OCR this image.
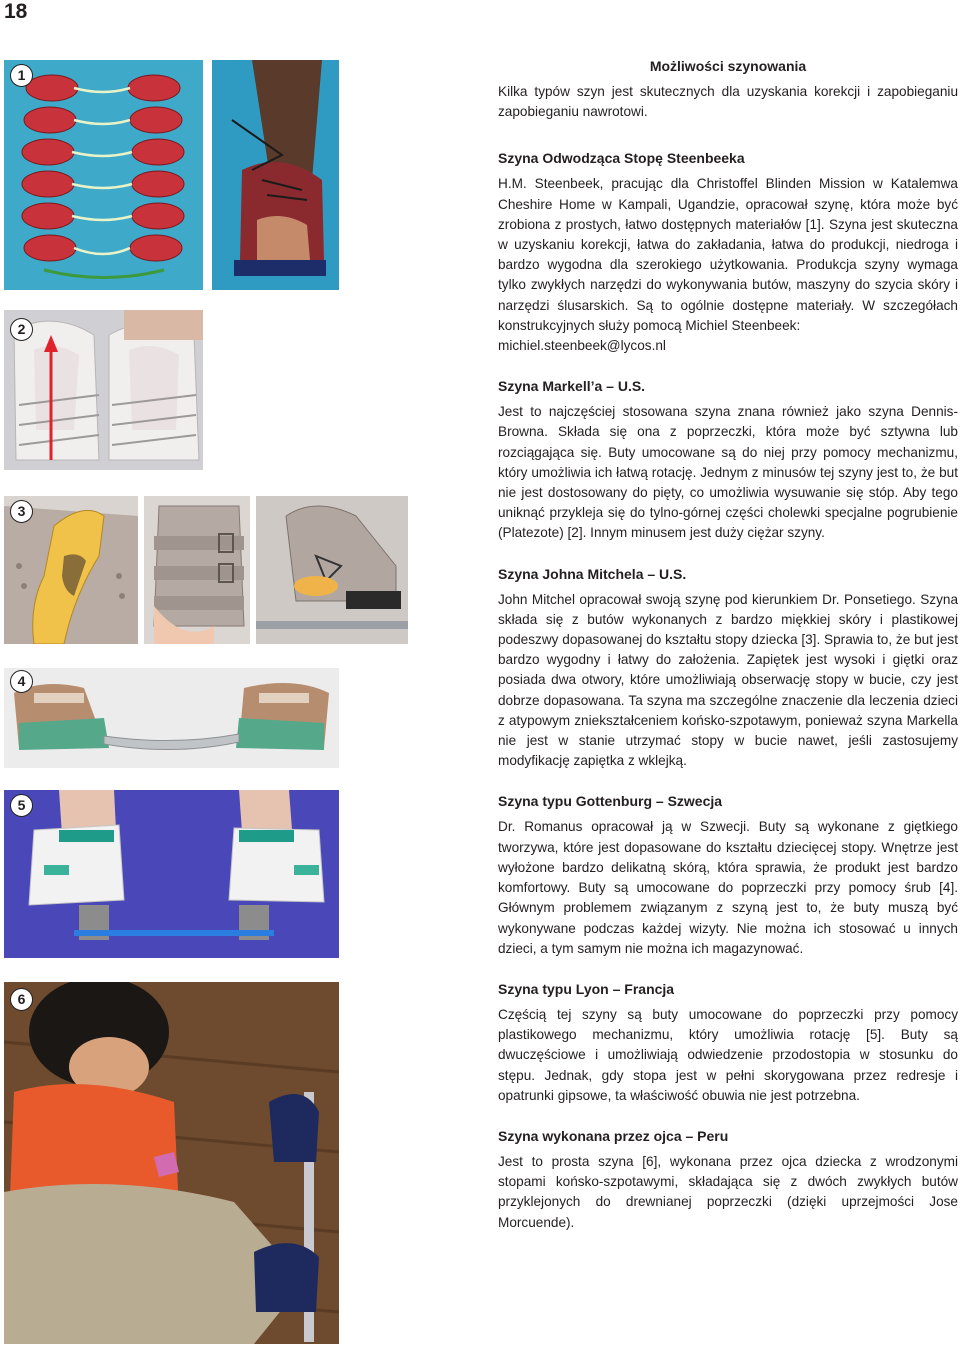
18
1
2
3
4
5
6
Możliwości szynowania

Kilka typów szyn jest skutecznych dla uzyskania korekcji i zapobieganiu zapobieganiu nawrotowi.

Szyna Odwodząca Stopę Steenbeeka

H.M. Steenbeek, pracując dla Christoffel Blinden Mission w Katalemwa Cheshire Home w Kampali, Ugandzie, opracował szynę, która może być zrobiona z prostych, łatwo dostępnych materiałów [1]. Szyna jest skuteczna w uzyskaniu korekcji, łatwa do zakładania, łatwa do produkcji, niedroga i bardzo wygodna dla szerokiego użytkowania. Produkcja szyny wymaga tylko zwykłych narzędzi do wykonywania butów, maszyny do szycia skóry i narzędzi ślusarskich. Są to ogólnie dostępne materiały. W szczegółach konstrukcyjnych służy pomocą Michiel Steenbeek:

michiel.steenbeek@lycos.nl

Szyna Markell’a – U.S.

Jest to najczęściej stosowana szyna znana również jako szyna Dennis-Browna. Składa się ona z poprzeczki, która może być sztywna lub rozciągająca się. Buty umocowane są do niej przy pomocy mechanizmu, który umożliwia ich łatwą rotację. Jednym z minusów tej szyny jest to, że but nie jest dostosowany do pięty, co umożliwia wysuwanie się stóp. Aby tego uniknąć przykleja się do tylno-górnej części cholewki specjalne pogrubienie (Platezote) [2]. Innym minusem jest duży ciężar szyny.

Szyna Johna Mitchela – U.S.

John Mitchel opracował swoją szynę pod kierunkiem Dr. Ponsetiego. Szyna składa się z butów wykonanych z bardzo miękkiej skóry i plastikowej podeszwy dopasowanej do kształtu stopy dziecka [3]. Sprawia to, że but jest bardzo wygodny i łatwy do założenia. Zapiętek jest wysoki i giętki oraz posiada dwa otwory, które umożliwiają obserwację stopy w bucie, czy jest dobrze dopasowana. Ta szyna ma szczególne znaczenie dla leczenia dzieci z atypowym zniekształceniem końsko-szpotawym, ponieważ szyna Markella nie jest w stanie utrzymać stopy w bucie nawet, jeśli zastosujemy modyfikację zapiętka z wklejką.

Szyna typu Gottenburg – Szwecja

Dr. Romanus opracował ją w Szwecji. Buty są wykonane z giętkiego tworzywa, które jest dopasowane do kształtu dziecięcej stopy. Wnętrze jest wyłożone bardzo delikatną skórą, która sprawia, że produkt jest bardzo komfortowy. Buty są umocowane do poprzeczki przy pomocy śrub [4]. Głównym problemem związanym z szyną jest to, że buty muszą być wykonywane podczas każdej wizyty. Nie można ich stosować u innych dzieci, a tym samym nie można ich magazynować.

Szyna typu Lyon – Francja

Częścią tej szyny są buty umocowane do poprzeczki przy pomocy plastikowego mechanizmu, który umożliwia rotację [5]. Buty są dwuczęściowe i umożliwiają odwiedzenie przodostopia w stosunku do stępu. Jednak, gdy stopa jest w pełni skorygowana przez redresje i opatrunki gipsowe, ta właściwość obuwia nie jest potrzebna.

Szyna wykonana przez ojca – Peru

Jest to prosta szyna [6], wykonana przez ojca dziecka z wrodzonymi stopami końsko-szpotawymi, składająca się z dwóch zwykłych butów przyklejonych do drewnianej poprzeczki (dzięki uprzejmości Jose Morcuende).
